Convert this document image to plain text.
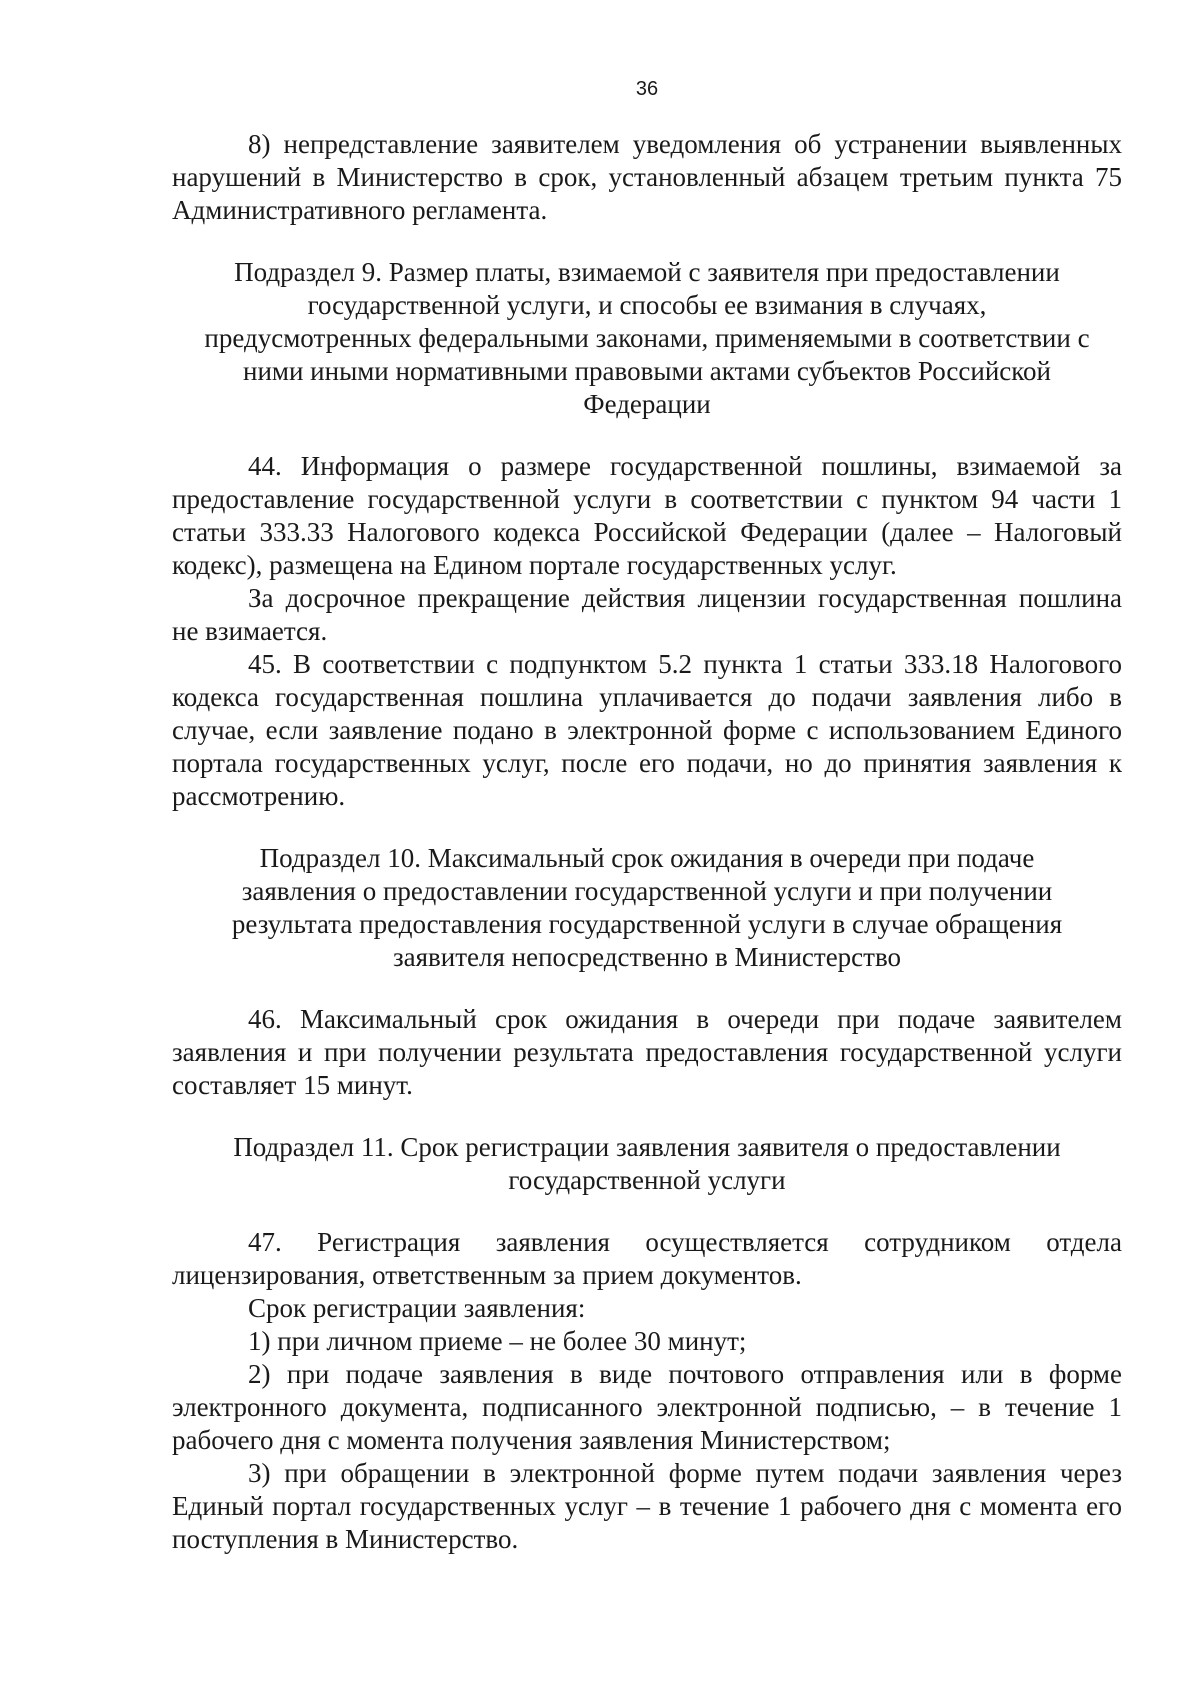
36

8) непредставление заявителем уведомления об устранении выявленных нарушений в Министерство в срок, установленный абзацем третьим пункта 75 Административного регламента.

Подраздел 9. Размер платы, взимаемой с заявителя при предоставлении государственной услуги, и способы ее взимания в случаях, предусмотренных федеральными законами, применяемыми в соответствии с ними иными нормативными правовыми актами субъектов Российской Федерации

44. Информация о размере государственной пошлины, взимаемой за предоставление государственной услуги в соответствии с пунктом 94 части 1 статьи 333.33 Налогового кодекса Российской Федерации (далее – Налоговый кодекс), размещена на Едином портале государственных услуг.

За досрочное прекращение действия лицензии государственная пошлина не взимается.

45. В соответствии с подпунктом 5.2 пункта 1 статьи 333.18 Налогового кодекса государственная пошлина уплачивается до подачи заявления либо в случае, если заявление подано в электронной форме с использованием Единого портала государственных услуг, после его подачи, но до принятия заявления к рассмотрению.

Подраздел 10. Максимальный срок ожидания в очереди при подаче заявления о предоставлении государственной услуги и при получении результата предоставления государственной услуги в случае обращения заявителя непосредственно в Министерство

46. Максимальный срок ожидания в очереди при подаче заявителем заявления и при получении результата предоставления государственной услуги составляет 15 минут.

Подраздел 11. Срок регистрации заявления заявителя о предоставлении государственной услуги

47. Регистрация заявления осуществляется сотрудником отдела лицензирования, ответственным за прием документов.

Срок регистрации заявления:

1) при личном приеме – не более 30 минут;

2) при подаче заявления в виде почтового отправления или в форме электронного документа, подписанного электронной подписью, – в течение 1 рабочего дня с момента получения заявления Министерством;

3) при обращении в электронной форме путем подачи заявления через Единый портал государственных услуг – в течение 1 рабочего дня с момента его поступления в Министерство.
